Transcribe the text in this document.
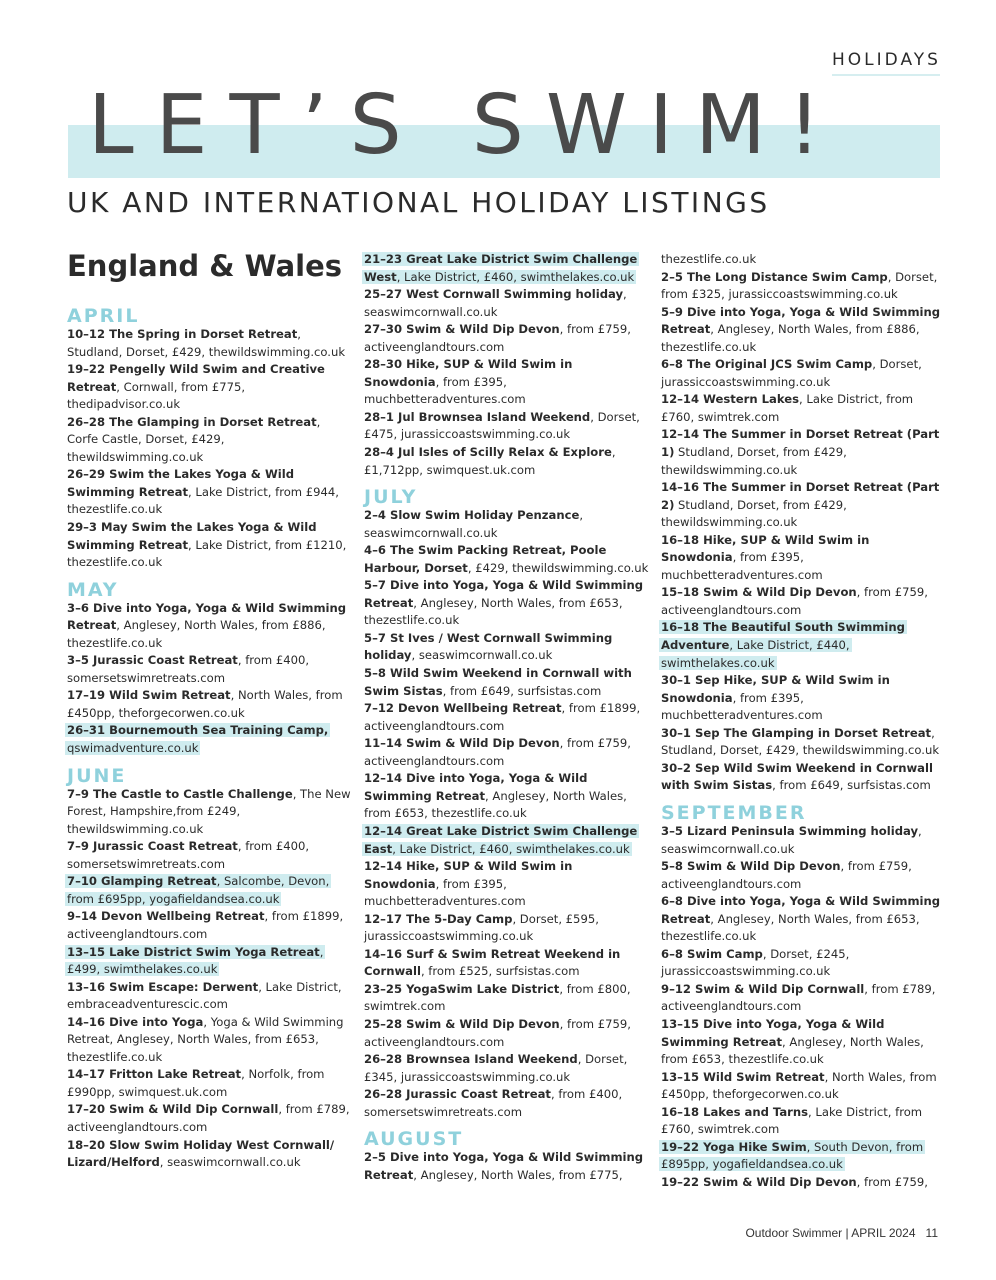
HOLIDAYS
LET’S SWIM!
UK AND INTERNATIONAL HOLIDAY LISTINGS
England & Wales
APRIL

10–12 The Spring in Dorset Retreat, Studland, Dorset, £429, thewildswimming.co.uk

19–22 Pengelly Wild Swim and Creative Retreat, Cornwall, from £775, thedipadvisor.co.uk

26–28 The Glamping in Dorset Retreat, Corfe Castle, Dorset, £429, thewildswimming.co.uk

26–29 Swim the Lakes Yoga & Wild Swimming Retreat, Lake District, from £944, thezestlife.co.uk

29–3 May Swim the Lakes Yoga & Wild Swimming Retreat, Lake District, from £1210, thezestlife.co.uk

MAY

3–6 Dive into Yoga, Yoga & Wild Swimming Retreat, Anglesey, North Wales, from £886, thezestlife.co.uk

3–5 Jurassic Coast Retreat, from £400, somersetswimretreats.com

17–19 Wild Swim Retreat, North Wales, from £450pp, theforgecorwen.co.uk

26–31 Bournemouth Sea Training Camp, qswimadventure.co.uk

JUNE

7–9 The Castle to Castle Challenge, The New Forest, Hampshire,from £249, thewildswimming.co.uk

7–9 Jurassic Coast Retreat, from £400, somersetswimretreats.com

7–10 Glamping Retreat, Salcombe, Devon, from £695pp, yogafieldandsea.co.uk

9–14 Devon Wellbeing Retreat, from £1899, activeenglandtours.com

13–15 Lake District Swim Yoga Retreat, £499, swimthelakes.co.uk

13–16 Swim Escape: Derwent, Lake District, embraceadventurescic.com

14–16 Dive into Yoga, Yoga & Wild Swimming Retreat, Anglesey, North Wales, from £653, thezestlife.co.uk

14–17 Fritton Lake Retreat, Norfolk, from £990pp, swimquest.uk.com

17–20 Swim & Wild Dip Cornwall, from £789, activeenglandtours.com

18–20 Slow Swim Holiday West Cornwall/ Lizard/Helford, seaswimcornwall.co.uk

21–23 Great Lake District Swim Challenge West, Lake District, £460, swimthelakes.co.uk

25–27 West Cornwall Swimming holiday, seaswimcornwall.co.uk

27–30 Swim & Wild Dip Devon, from £759, activeenglandtours.com

28–30 Hike, SUP & Wild Swim in Snowdonia, from £395, muchbetteradventures.com

28–1 Jul Brownsea Island Weekend, Dorset, £475, jurassiccoastswimming.co.uk

28–4 Jul Isles of Scilly Relax & Explore, £1,712pp, swimquest.uk.com

JULY

2–4 Slow Swim Holiday Penzance, seaswimcornwall.co.uk

4–6 The Swim Packing Retreat, Poole Harbour, Dorset, £429, thewildswimming.co.uk

5–7 Dive into Yoga, Yoga & Wild Swimming Retreat, Anglesey, North Wales, from £653, thezestlife.co.uk

5–7 St Ives / West Cornwall Swimming holiday, seaswimcornwall.co.uk

5–8 Wild Swim Weekend in Cornwall with Swim Sistas, from £649, surfsistas.com

7–12 Devon Wellbeing Retreat, from £1899, activeenglandtours.com

11–14 Swim & Wild Dip Devon, from £759, activeenglandtours.com

12–14 Dive into Yoga, Yoga & Wild Swimming Retreat, Anglesey, North Wales, from £653, thezestlife.co.uk

12–14 Great Lake District Swim Challenge East, Lake District, £460, swimthelakes.co.uk

12–14 Hike, SUP & Wild Swim in Snowdonia, from £395, muchbetteradventures.com

12–17 The 5-Day Camp, Dorset, £595, jurassiccoastswimming.co.uk

14–16 Surf & Swim Retreat Weekend in Cornwall, from £525, surfsistas.com

23–25 YogaSwim Lake District, from £800, swimtrek.com

25–28 Swim & Wild Dip Devon, from £759, activeenglandtours.com

26–28 Brownsea Island Weekend, Dorset, £345, jurassiccoastswimming.co.uk

26–28 Jurassic Coast Retreat, from £400, somersetswimretreats.com

AUGUST

2–5 Dive into Yoga, Yoga & Wild Swimming Retreat, Anglesey, North Wales, from £775,

thezestlife.co.uk

2–5 The Long Distance Swim Camp, Dorset, from £325, jurassiccoastswimming.co.uk

5–9 Dive into Yoga, Yoga & Wild Swimming Retreat, Anglesey, North Wales, from £886, thezestlife.co.uk

6–8 The Original JCS Swim Camp, Dorset, jurassiccoastswimming.co.uk

12–14 Western Lakes, Lake District, from £760, swimtrek.com

12–14 The Summer in Dorset Retreat (Part 1) Studland, Dorset, from £429, thewildswimming.co.uk

14–16 The Summer in Dorset Retreat (Part 2) Studland, Dorset, from £429, thewildswimming.co.uk

16–18 Hike, SUP & Wild Swim in Snowdonia, from £395, muchbetteradventures.com

15–18 Swim & Wild Dip Devon, from £759, activeenglandtours.com

16–18 The Beautiful South Swimming Adventure, Lake District, £440, swimthelakes.co.uk

30–1 Sep Hike, SUP & Wild Swim in Snowdonia, from £395, muchbetteradventures.com

30–1 Sep The Glamping in Dorset Retreat, Studland, Dorset, £429, thewildswimming.co.uk

30–2 Sep Wild Swim Weekend in Cornwall with Swim Sistas, from £649, surfsistas.com

SEPTEMBER

3–5 Lizard Peninsula Swimming holiday, seaswimcornwall.co.uk

5–8 Swim & Wild Dip Devon, from £759, activeenglandtours.com

6–8 Dive into Yoga, Yoga & Wild Swimming Retreat, Anglesey, North Wales, from £653, thezestlife.co.uk

6–8 Swim Camp, Dorset, £245, jurassiccoastswimming.co.uk

9–12 Swim & Wild Dip Cornwall, from £789, activeenglandtours.com

13–15 Dive into Yoga, Yoga & Wild Swimming Retreat, Anglesey, North Wales, from £653, thezestlife.co.uk

13–15 Wild Swim Retreat, North Wales, from £450pp, theforgecorwen.co.uk

16–18 Lakes and Tarns, Lake District, from £760, swimtrek.com

19–22 Yoga Hike Swim, South Devon, from £895pp, yogafieldandsea.co.uk

19–22 Swim & Wild Dip Devon, from £759,

Outdoor Swimmer | APRIL 2024 11
